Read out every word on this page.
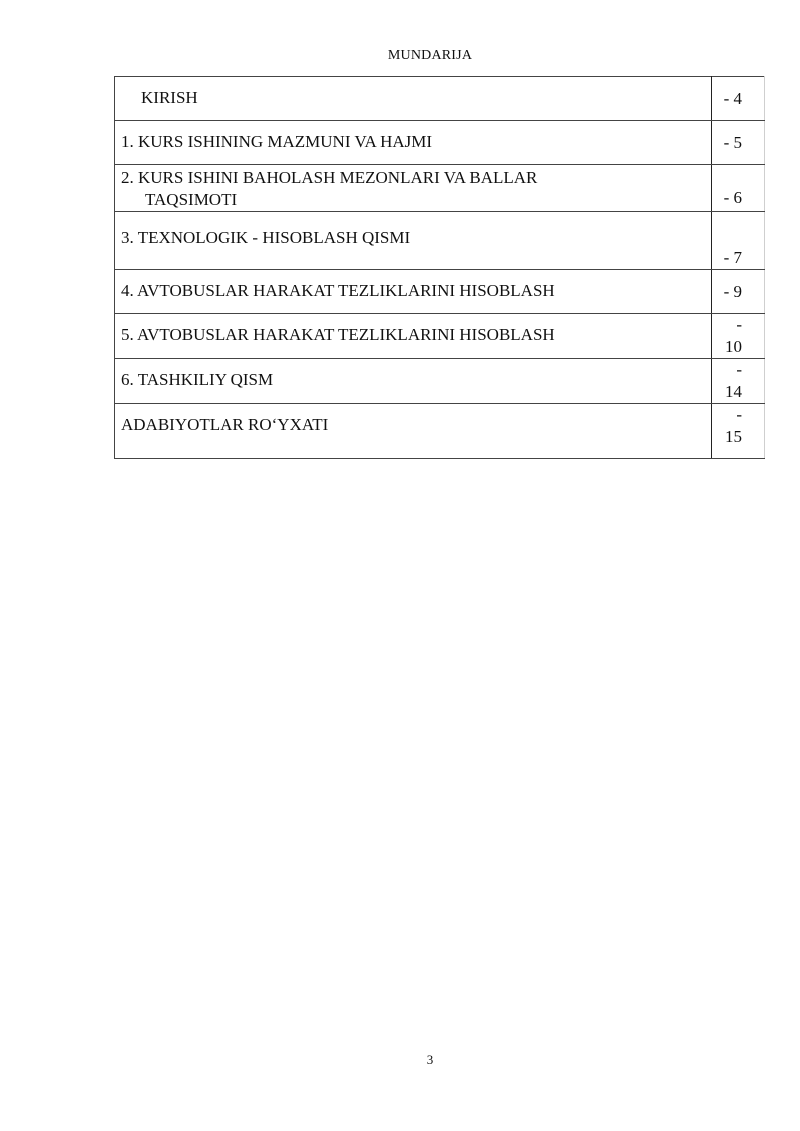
MUNDARIJA
KIRISH	- 4
1. KURS ISHINING MAZMUNI VA HAJMI	- 5
2. KURS ISHINI BAHOLASH MEZONLARI VA BALLAR
TAQSIMOTI	- 6
3. TEXNOLOGIK - HISOBLASH QISMI	- 7
4. AVTOBUSLAR HARAKAT TEZLIKLARINI HISOBLASH	- 9
5. AVTOBUSLAR HARAKAT TEZLIKLARINI HISOBLASH	- 10
6. TASHKILIY QISM	- 14
ADABIYOTLAR RO‘YXATI	- 15
3
